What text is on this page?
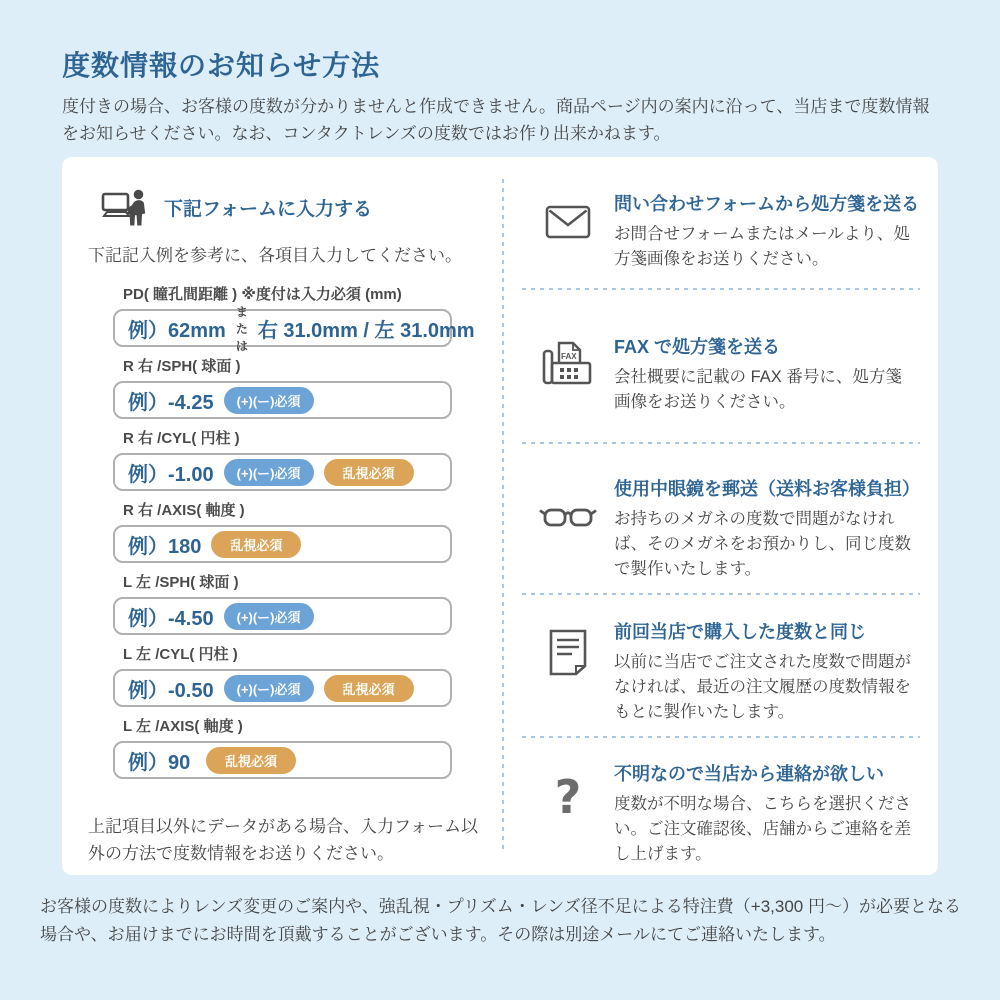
度数情報のお知らせ方法
度付きの場合、お客様の度数が分かりませんと作成できません。商品ページ内の案内に沿って、当店まで度数情報をお知らせください。なお、コンタクトレンズの度数ではお作り出来かねます。
下記フォームに入力する
下記記入例を参考に、各項目入力してください。
PD( 瞳孔間距離 ) ※度付は入力必須 (mm)
例）62mm
または
右 31.0mm / 左 31.0mm
R 右 /SPH( 球面 )
例）-4.25	(+)(ー)必須
R 右 /CYL( 円柱 )
例）-1.00	(+)(ー)必須	乱視必須
R 右 /AXIS( 軸度 )
例）180	乱視必須
L 左 /SPH( 球面 )
例）-4.50	(+)(ー)必須
L 左 /CYL( 円柱 )
例）-0.50	(+)(ー)必須	乱視必須
L 左 /AXIS( 軸度 )
例）90	乱視必須
上記項目以外にデータがある場合、入力フォーム以外の方法で度数情報をお送りください。
問い合わせフォームから処方箋を送る
お問合せフォームまたはメールより、処方箋画像をお送りください。
FAX FAX で処方箋を送る
会社概要に記載の FAX 番号に、処方箋画像をお送りください。
使用中眼鏡を郵送（送料お客様負担）
お持ちのメガネの度数で問題がなければ、そのメガネをお預かりし、同じ度数で製作いたします。
前回当店で購入した度数と同じ
以前に当店でご注文された度数で問題がなければ、最近の注文履歴の度数情報をもとに製作いたします。
? 不明なので当店から連絡が欲しい
度数が不明な場合、こちらを選択ください。ご注文確認後、店舗からご連絡を差し上げます。
お客様の度数によりレンズ変更のご案内や、強乱視・プリズム・レンズ径不足による特注費（+3,300 円〜）が必要となる場合や、お届けまでにお時間を頂戴することがございます。その際は別途メールにてご連絡いたします。
